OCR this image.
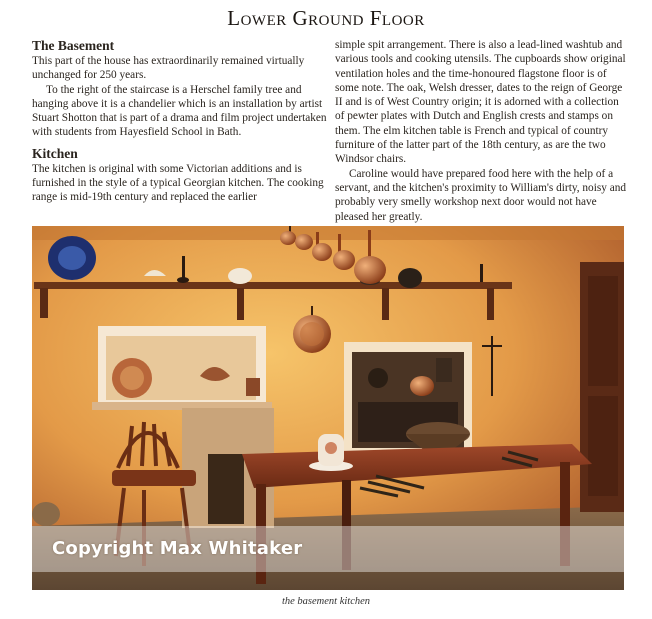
Lower Ground Floor
The Basement

This part of the house has extraordinarily remained virtually unchanged for 250 years.

To the right of the staircase is a Herschel family tree and hanging above it is a chandelier which is an installation by artist Stuart Shotton that is part of a drama and film project undertaken with students from Hayesfield School in Bath.

Kitchen

The kitchen is original with some Victorian additions and is furnished in the style of a typical Georgian kitchen. The cooking range is mid-19th century and replaced the earlier

simple spit arrangement. There is also a lead-lined washtub and various tools and cooking utensils. The cupboards show original ventilation holes and the time-honoured flagstone floor is of some note. The oak, Welsh dresser, dates to the reign of George II and is of West Country origin; it is adorned with a collection of pewter plates with Dutch and English crests and stamps on them. The elm kitchen table is French and typical of country furniture of the latter part of the 18th century, as are the two Windsor chairs.

Caroline would have prepared food here with the help of a servant, and the kitchen's proximity to William's dirty, noisy and probably very smelly workshop next door would not have pleased her greatly.

Copyright Max Whitaker
the basement kitchen
